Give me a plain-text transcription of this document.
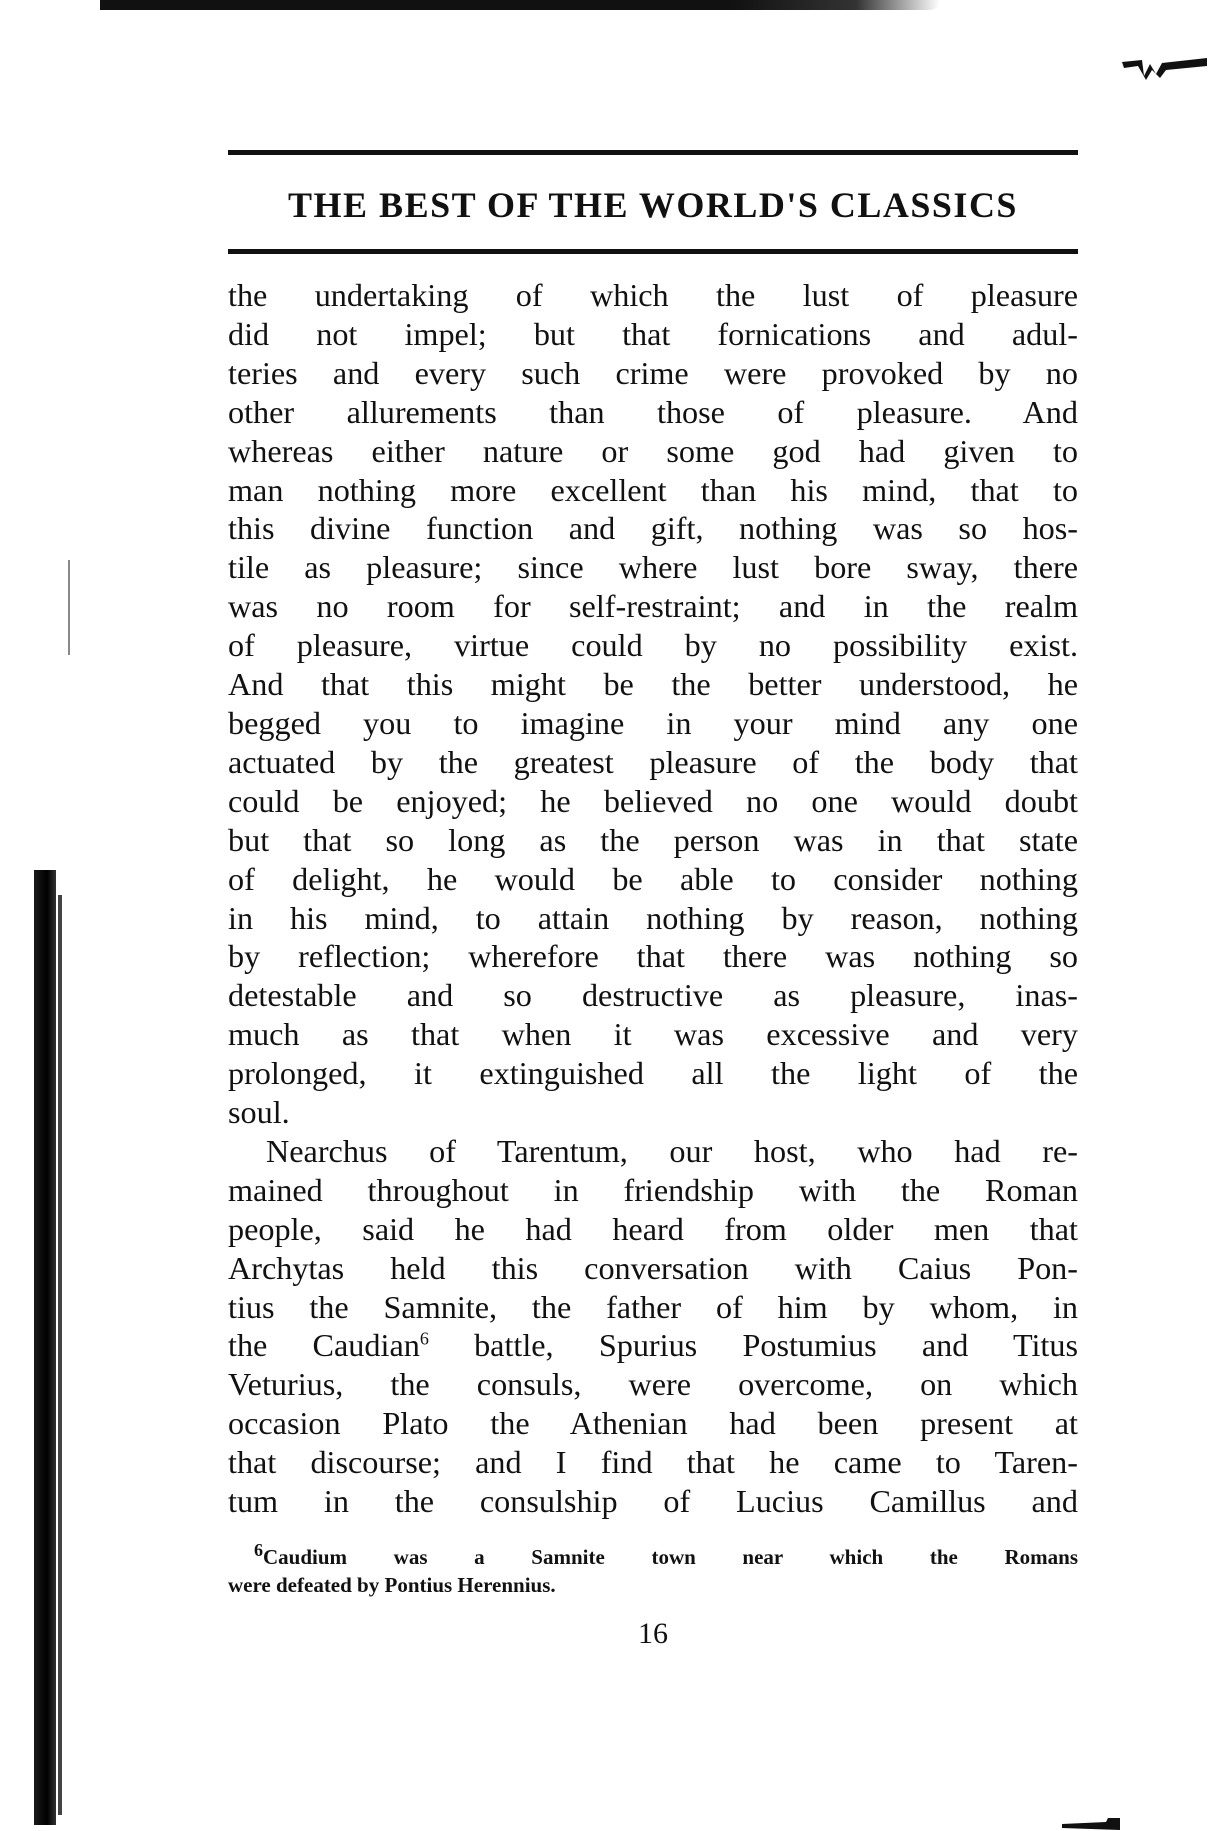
THE BEST OF THE WORLD'S CLASSICS
the undertaking of which the lust of pleasure
did not impel; but that fornications and adul-
teries and every such crime were provoked by no
other allurements than those of pleasure. And
whereas either nature or some god had given to
man nothing more excellent than his mind, that to
this divine function and gift, nothing was so hos-
tile as pleasure; since where lust bore sway, there
was no room for self-restraint; and in the realm
of pleasure, virtue could by no possibility exist.
And that this might be the better understood, he
begged you to imagine in your mind any one
actuated by the greatest pleasure of the body that
could be enjoyed; he believed no one would doubt
but that so long as the person was in that state
of delight, he would be able to consider nothing
in his mind, to attain nothing by reason, nothing
by reflection; wherefore that there was nothing so
detestable and so destructive as pleasure, inas-
much as that when it was excessive and very
prolonged, it extinguished all the light of the
soul.
Nearchus of Tarentum, our host, who had re-
mained throughout in friendship with the Roman
people, said he had heard from older men that
Archytas held this conversation with Caius Pon-
tius the Samnite, the father of him by whom, in
the Caudian$^6$ battle, Spurius Postumius and Titus
Veturius, the consuls, were overcome, on which
occasion Plato the Athenian had been present at
that discourse; and I find that he came to Taren-
tum in the consulship of Lucius Camillus and
$^6$Caudium was a Samnite town near which the Romans
were defeated by Pontius Herennius.
16
